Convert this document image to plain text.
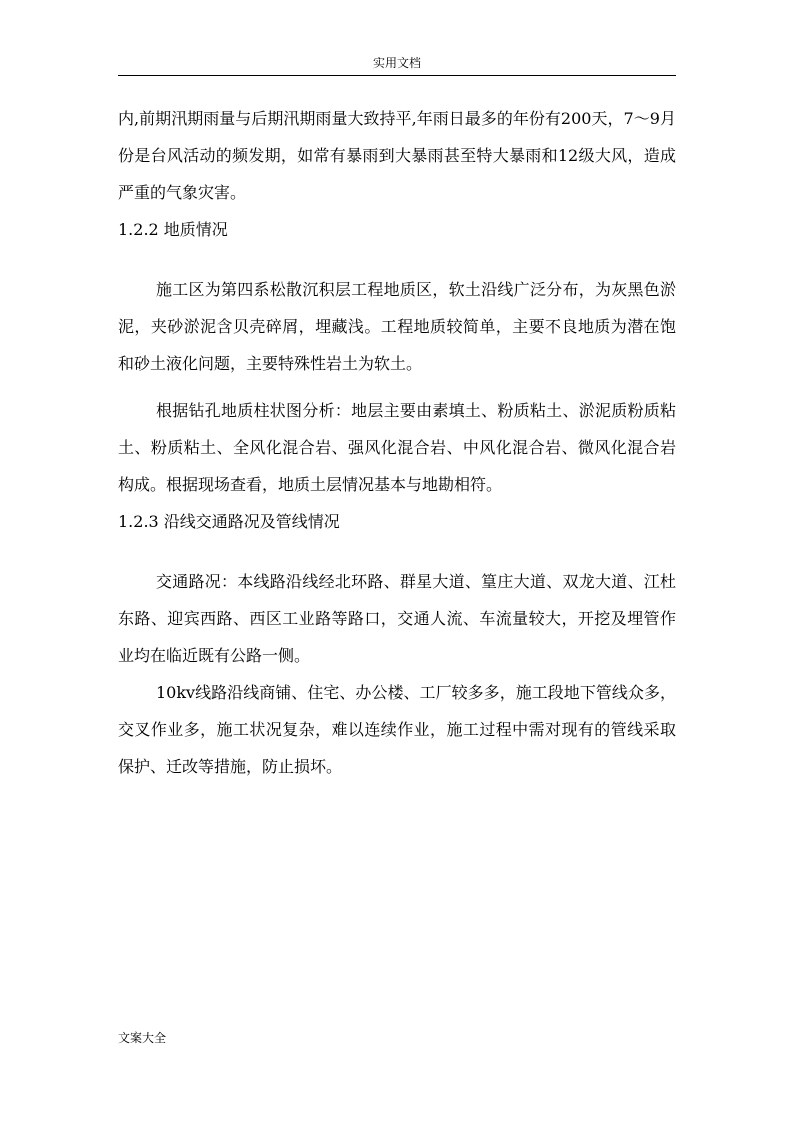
实用文档

内,前期汛期雨量与后期汛期雨量大致持平,年雨日最多的年份有200天，7～9月份是台风活动的频发期，如常有暴雨到大暴雨甚至特大暴雨和12级大风，造成严重的气象灾害。

1.2.2 地质情况

施工区为第四系松散沉积层工程地质区，软土沿线广泛分布，为灰黑色淤泥，夹砂淤泥含贝壳碎屑，埋藏浅。工程地质较简单，主要不良地质为潜在饱和砂土液化问题，主要特殊性岩土为软土。

根据钻孔地质柱状图分析：地层主要由素填土、粉质粘土、淤泥质粉质粘土、粉质粘土、全风化混合岩、强风化混合岩、中风化混合岩、微风化混合岩构成。根据现场查看，地质土层情况基本与地勘相符。

1.2.3 沿线交通路况及管线情况

交通路况：本线路沿线经北环路、群星大道、篁庄大道、双龙大道、江杜东路、迎宾西路、西区工业路等路口，交通人流、车流量较大，开挖及埋管作业均在临近既有公路一侧。

10kv线路沿线商铺、住宅、办公楼、工厂较多多，施工段地下管线众多，交叉作业多，施工状况复杂，难以连续作业，施工过程中需对现有的管线采取保护、迁改等措施，防止损坏。

文案大全
